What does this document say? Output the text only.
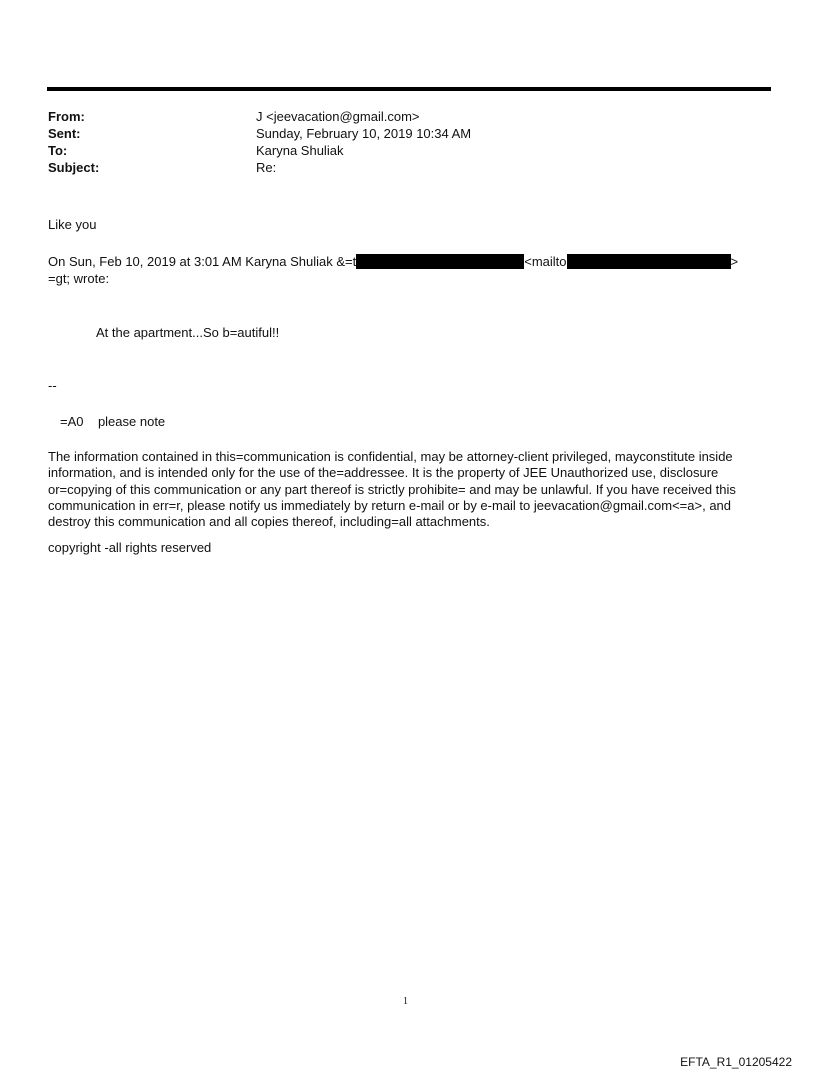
From:	J <jeevacation@gmail.com>
Sent:	Sunday, February 10, 2019 10:34 AM
To:	Karyna Shuliak
Subject:	Re:
Like you
On Sun, Feb 10, 2019 at 3:01 AM Karyna Shuliak &=t	<mailto	>
=gt; wrote:
At the apartment...So b=autiful!!
--
=A0    please note
The information contained in this=communication is confidential, may be attorney-client privileged, mayconstitute inside information, and is intended only for the use of the=addressee. It is the property of JEE Unauthorized use, disclosure or=copying of this communication or any part thereof is strictly prohibite= and may be unlawful. If you have received this communication in err=r, please notify us immediately by return e-mail or by e-mail to jeevacation@gmail.com<=a>, and destroy this communication and all copies thereof, including=all attachments.
copyright -all rights reserved
1
EFTA_R1_01205422
